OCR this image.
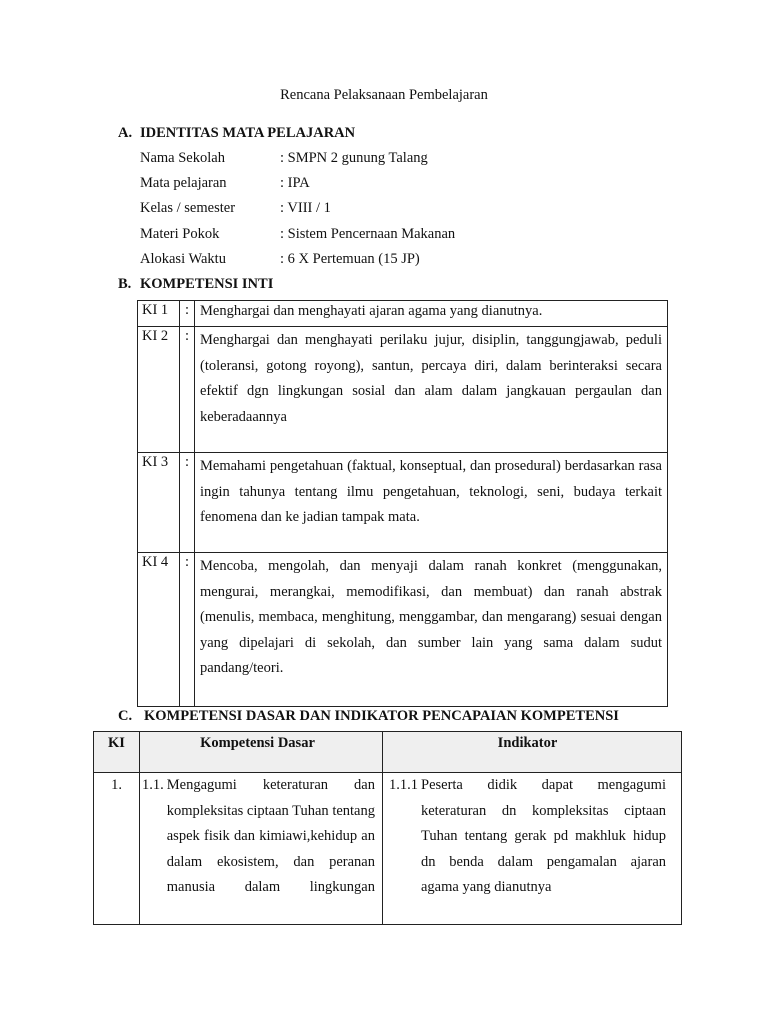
Rencana Pelaksanaan Pembelajaran
A. IDENTITAS MATA PELAJARAN
Nama Sekolah	: SMPN 2 gunung Talang
Mata pelajaran	: IPA
Kelas / semester	: VIII / 1
Materi Pokok	: Sistem Pencernaan Makanan
Alokasi Waktu	: 6 X Pertemuan (15 JP)
B. KOMPETENSI INTI
KI 1	:	Menghargai dan menghayati ajaran agama yang dianutnya.
KI 2	:	Menghargai dan menghayati perilaku jujur, disiplin, tanggungjawab, peduli (toleransi, gotong royong), santun, percaya diri, dalam berinteraksi secara efektif dgn lingkungan sosial dan alam dalam jangkauan pergaulan dan keberadaannya
KI 3	:	Memahami pengetahuan (faktual, konseptual, dan prosedural) berdasarkan rasa ingin tahunya tentang ilmu pengetahuan, teknologi, seni, budaya terkait fenomena dan ke jadian tampak mata.
KI 4	:	Mencoba, mengolah, dan menyaji dalam ranah konkret (menggunakan, mengurai, merangkai, memodifikasi, dan membuat) dan ranah abstrak (menulis, membaca, menghitung, menggambar, dan mengarang) sesuai dengan yang dipelajari di sekolah, dan sumber lain yang sama dalam sudut pandang/teori.
C. KOMPETENSI DASAR DAN INDIKATOR PENCAPAIAN KOMPETENSI
KI	Kompetensi Dasar	Indikator
1.	1.1. Mengagumi keteraturan dan kompleksitas ciptaan Tuhan tentang aspek fisik dan kimiawi,kehidup an dalam ekosistem, dan peranan manusia dalam lingkungan	1.1.1 Peserta didik dapat mengagumi keteraturan dn kompleksitas ciptaan Tuhan tentang gerak pd makhluk hidup dn benda dalam pengamalan ajaran agama yang dianutnya
